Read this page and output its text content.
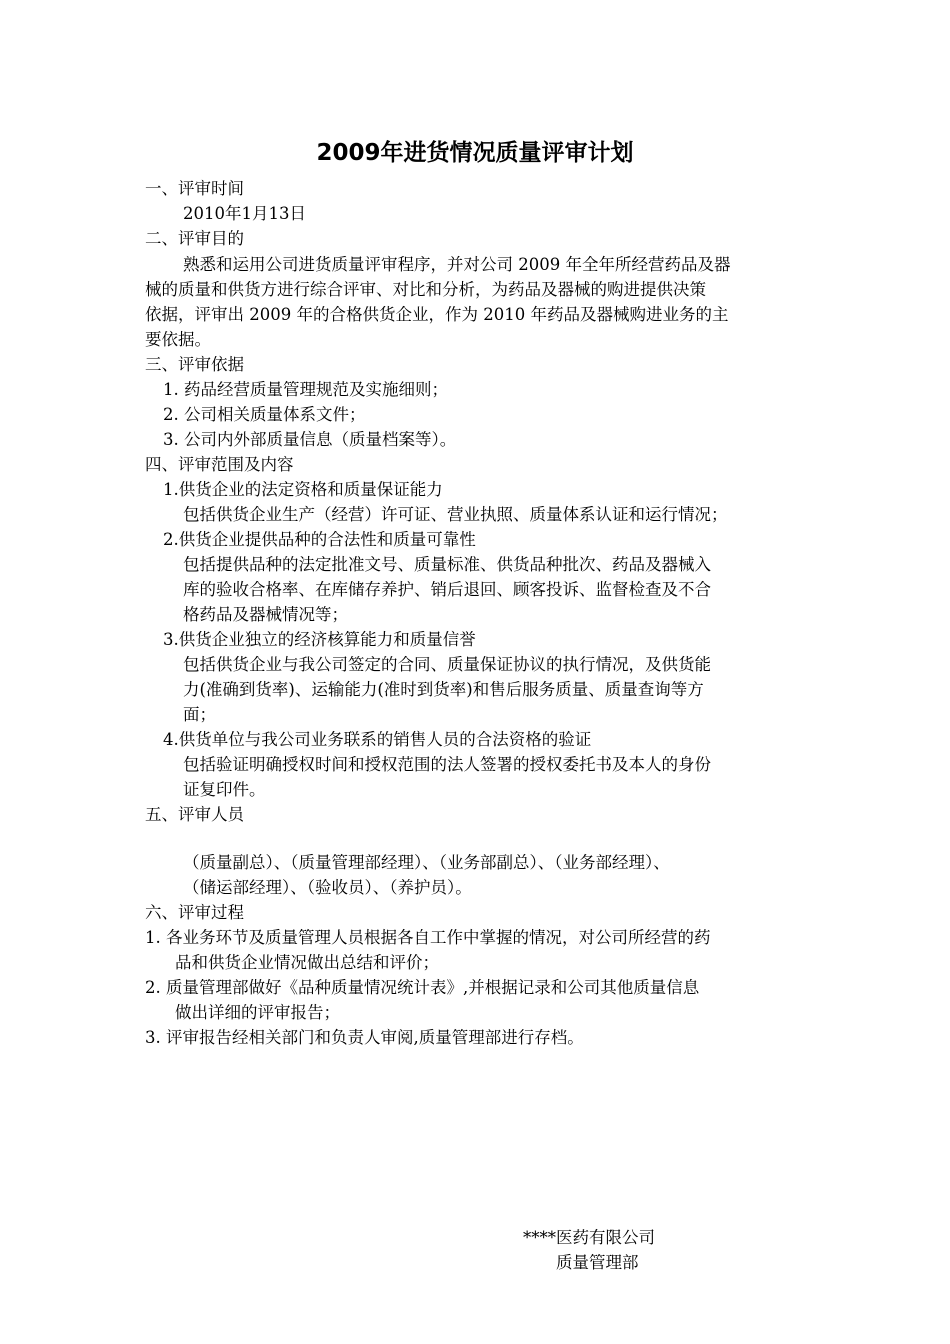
2009年进货情况质量评审计划
一、评审时间
2010年1月13日
二、评审目的
熟悉和运用公司进货质量评审程序，并对公司 2009 年全年所经营药品及器
械的质量和供货方进行综合评审、对比和分析，为药品及器械的购进提供决策
依据，评审出 2009 年的合格供货企业，作为 2010 年药品及器械购进业务的主
要依据。
三、评审依据
1. 药品经营质量管理规范及实施细则；
2. 公司相关质量体系文件；
3. 公司内外部质量信息（质量档案等）。
四、评审范围及内容
1.供货企业的法定资格和质量保证能力
包括供货企业生产（经营）许可证、营业执照、质量体系认证和运行情况；
2.供货企业提供品种的合法性和质量可靠性
包括提供品种的法定批准文号、质量标准、供货品种批次、药品及器械入
库的验收合格率、在库储存养护、销后退回、顾客投诉、监督检查及不合
格药品及器械情况等；
3.供货企业独立的经济核算能力和质量信誉
包括供货企业与我公司签定的合同、质量保证协议的执行情况，及供货能
力(准确到货率)、运输能力(准时到货率)和售后服务质量、质量查询等方
面；
4.供货单位与我公司业务联系的销售人员的合法资格的验证
包括验证明确授权时间和授权范围的法人签署的授权委托书及本人的身份
证复印件。
五、评审人员
（质量副总）、（质量管理部经理）、（业务部副总）、（业务部经理）、
（储运部经理）、（验收员）、（养护员）。
六、评审过程
1. 各业务环节及质量管理人员根据各自工作中掌握的情况，对公司所经营的药
品和供货企业情况做出总结和评价；
2. 质量管理部做好《品种质量情况统计表》,并根据记录和公司其他质量信息
做出详细的评审报告；
3. 评审报告经相关部门和负责人审阅,质量管理部进行存档。
****医药有限公司
质量管理部
